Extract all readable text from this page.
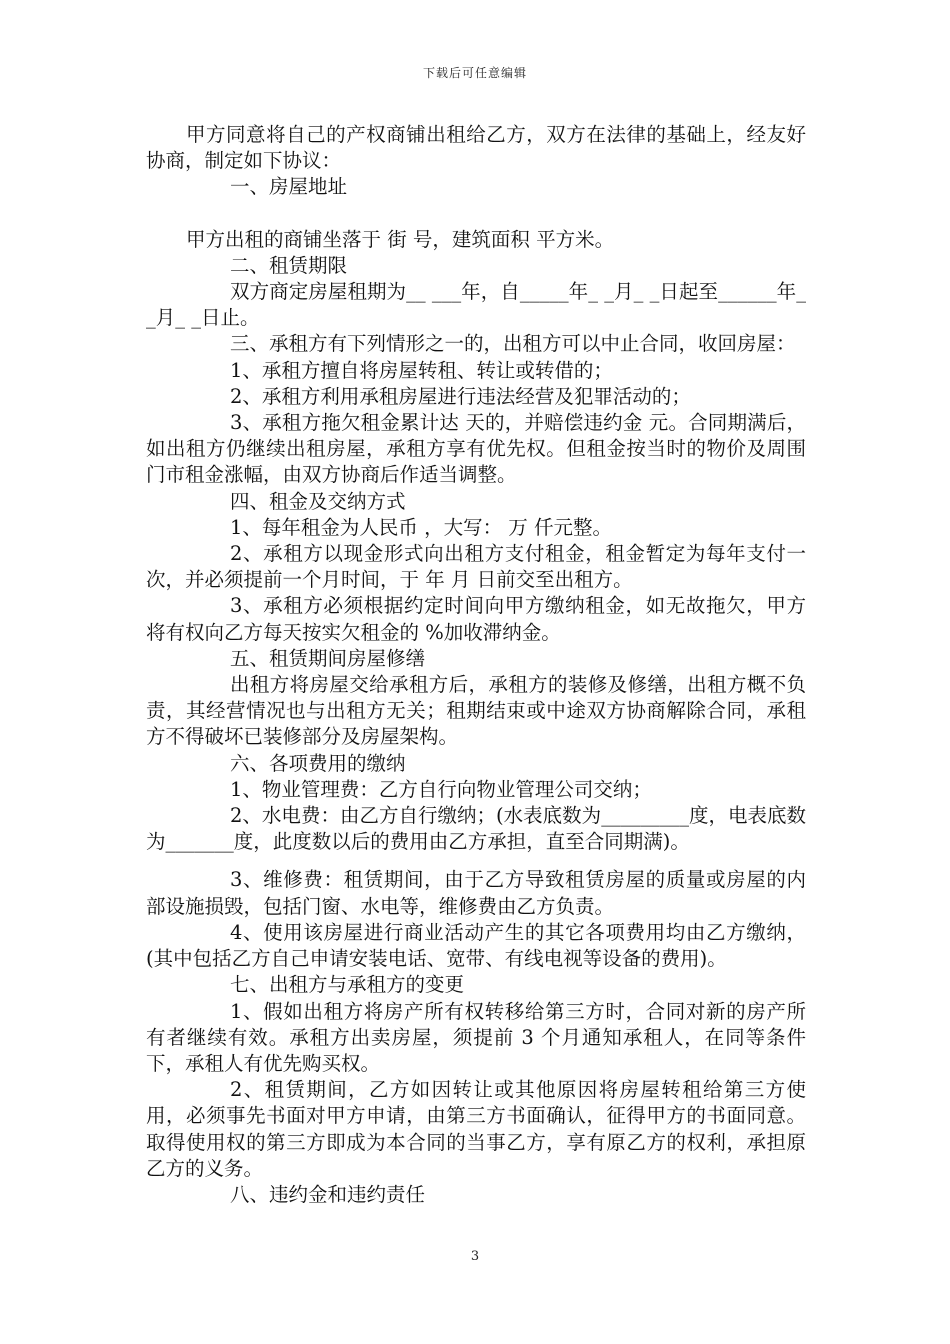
下载后可任意编辑

甲方同意将自己的产权商铺出租给乙方，双方在法律的基础上，经友好协商，制定如下协议：

一、房屋地址

甲方出租的商铺坐落于 街 号，建筑面积 平方米。

二、租赁期限

双方商定房屋租期为__ ___年，自_____年_ _月_ _日起至______年_ _月_ _日止。

三、承租方有下列情形之一的，出租方可以中止合同，收回房屋：

1、承租方擅自将房屋转租、转让或转借的；

2、承租方利用承租房屋进行违法经营及犯罪活动的；

3、承租方拖欠租金累计达 天的，并赔偿违约金 元。合同期满后，如出租方仍继续出租房屋，承租方享有优先权。但租金按当时的物价及周围门市租金涨幅，由双方协商后作适当调整。

四、租金及交纳方式

1、每年租金为人民币 ，大写： 万 仟元整。

2、承租方以现金形式向出租方支付租金，租金暂定为每年支付一次，并必须提前一个月时间，于 年 月 日前交至出租方。

3、承租方必须根据约定时间向甲方缴纳租金，如无故拖欠，甲方将有权向乙方每天按实欠租金的 %加收滞纳金。

五、租赁期间房屋修缮

出租方将房屋交给承租方后，承租方的装修及修缮，出租方概不负责，其经营情况也与出租方无关；租期结束或中途双方协商解除合同，承租方不得破坏已装修部分及房屋架构。

六、各项费用的缴纳

1、物业管理费：乙方自行向物业管理公司交纳；

2、水电费：由乙方自行缴纳；(水表底数为_________度，电表底数为_______度，此度数以后的费用由乙方承担，直至合同期满)。

3、维修费：租赁期间，由于乙方导致租赁房屋的质量或房屋的内部设施损毁，包括门窗、水电等，维修费由乙方负责。

4、使用该房屋进行商业活动产生的其它各项费用均由乙方缴纳，(其中包括乙方自己申请安装电话、宽带、有线电视等设备的费用)。

七、出租方与承租方的变更

1、假如出租方将房产所有权转移给第三方时，合同对新的房产所有者继续有效。承租方出卖房屋，须提前 3 个月通知承租人，在同等条件下，承租人有优先购买权。

2、租赁期间，乙方如因转让或其他原因将房屋转租给第三方使用，必须事先书面对甲方申请，由第三方书面确认，征得甲方的书面同意。取得使用权的第三方即成为本合同的当事乙方，享有原乙方的权利，承担原乙方的义务。

八、违约金和违约责任

3
